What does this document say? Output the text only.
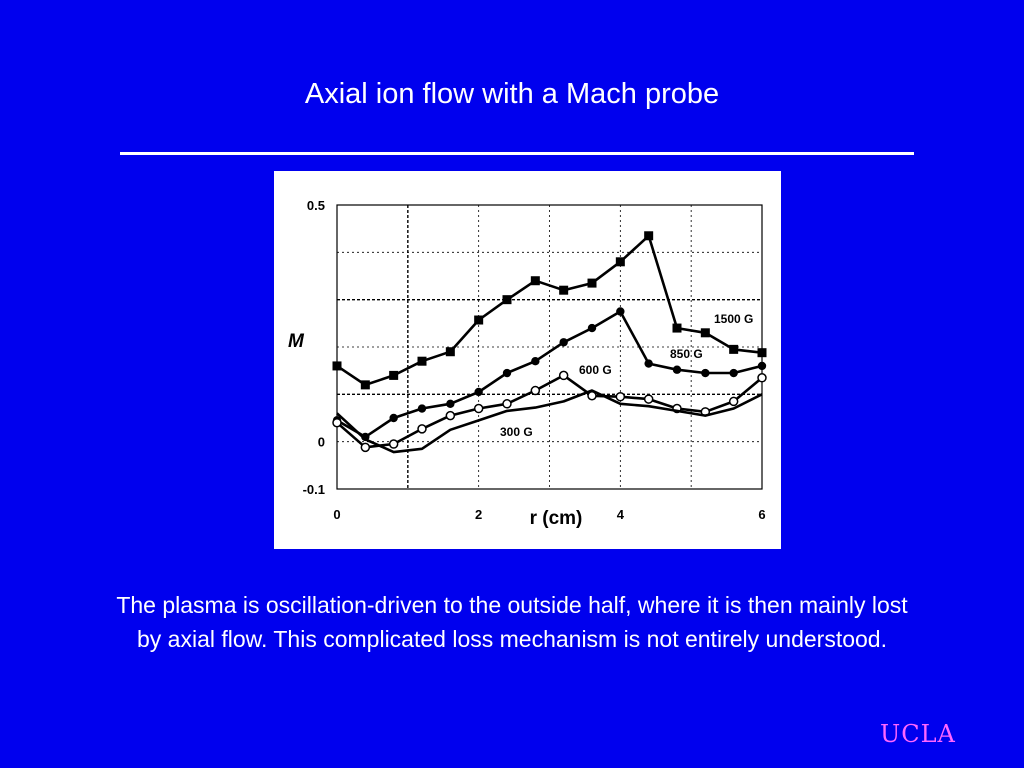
Axial ion flow with a Mach probe
0	2	4	6
0.5
0
-0.1
M
r (cm)
1500 G
850 G
600 G
300 G
The plasma is oscillation-driven to the outside half, where it is then mainly lost by axial flow. This complicated loss mechanism is not entirely understood.
UCLA
